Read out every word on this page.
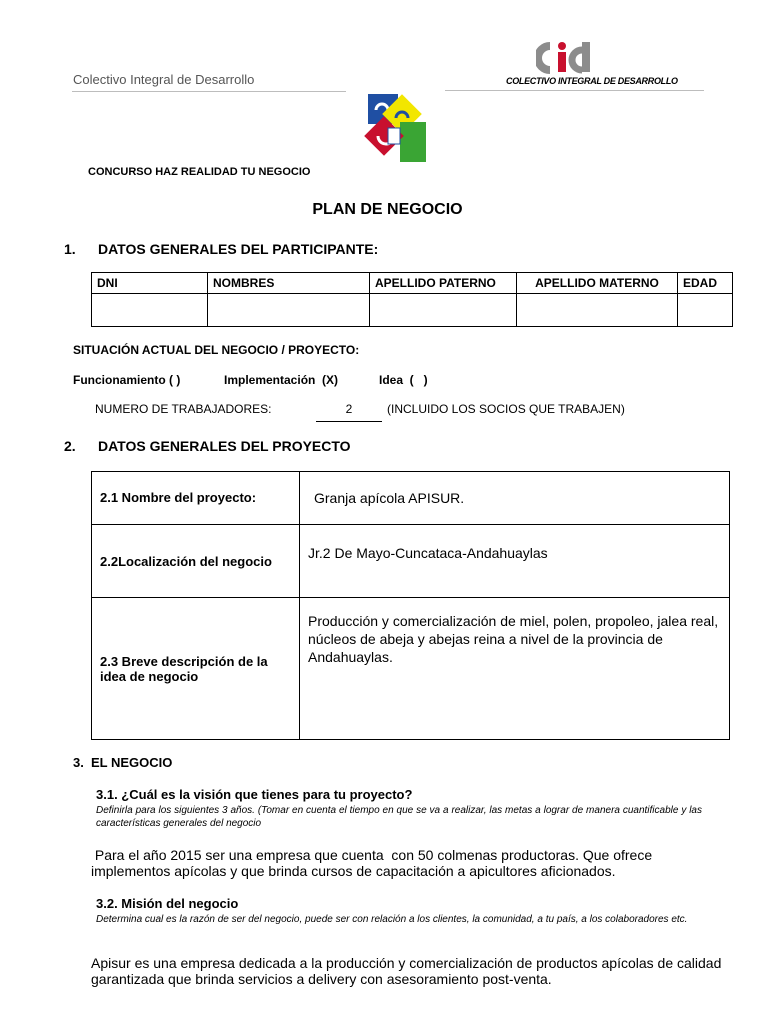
Colectivo Integral de Desarrollo	COLECTIVO INTEGRAL DE DESARROLLO
CONCURSO HAZ REALIDAD TU NEGOCIO
PLAN DE NEGOCIO
1. DATOS GENERALES DEL PARTICIPANTE:
DNI	NOMBRES	APELLIDO PATERNO	APELLIDO MATERNO	EDAD

SITUACIÓN ACTUAL DEL NEGOCIO / PROYECTO:
Funcionamiento ( )	Implementación  (X)	Idea  (   )
NUMERO DE TRABAJADORES:	2	(INCLUIDO LOS SOCIOS QUE TRABAJEN)
2. DATOS GENERALES DEL PROYECTO
2.1 Nombre del proyecto:	Granja apícola APISUR.
2.2Localización del negocio	Jr.2 De Mayo-Cuncataca-Andahuaylas
2.3 Breve descripción de la idea de negocio	Producción y comercialización de miel, polen, propoleo, jalea real, núcleos de abeja y abejas reina a nivel de la provincia de Andahuaylas.
3. EL NEGOCIO
3.1. ¿Cuál es la visión que tienes para tu proyecto?
Definirla para los siguientes 3 años. (Tomar en cuenta el tiempo en que se va a realizar, las metas a lograr de manera cuantificable y las características generales del negocio
Para el año 2015 ser una empresa que cuenta  con 50 colmenas productoras. Que ofrece implementos apícolas y que brinda cursos de capacitación a apicultores aficionados.
3.2. Misión del negocio
Determina cual es la razón de ser del negocio, puede ser con relación a los clientes, la comunidad, a tu país, a los colaboradores etc.
Apisur es una empresa dedicada a la producción y comercialización de productos apícolas de calidad garantizada que brinda servicios a delivery con asesoramiento post-venta.
